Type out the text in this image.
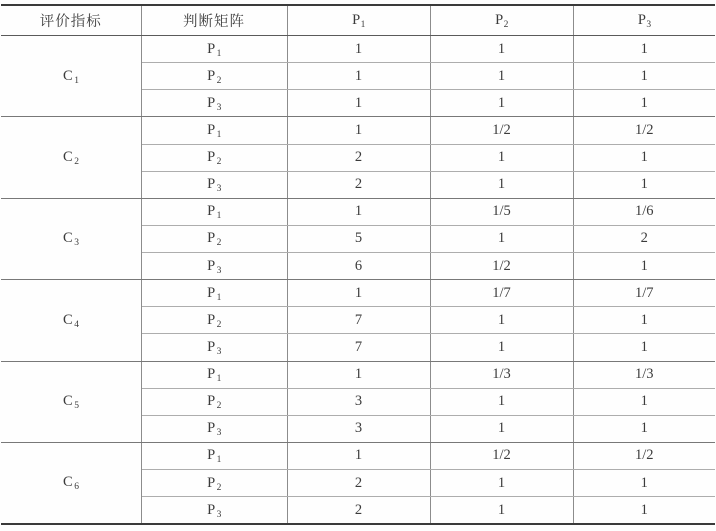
评价指标	判断矩阵	$P_1$	$P_2$	$P_3$
$C_1$	$P_1$	1	1	1
	$P_2$	1	1	1
	$P_3$	1	1	1
$C_2$	$P_1$	1	1/2	1/2
	$P_2$	2	1	1
	$P_3$	2	1	1
$C_3$	$P_1$	1	1/5	1/6
	$P_2$	5	1	2
	$P_3$	6	1/2	1
$C_4$	$P_1$	1	1/7	1/7
	$P_2$	7	1	1
	$P_3$	7	1	1
$C_5$	$P_1$	1	1/3	1/3
	$P_2$	3	1	1
	$P_3$	3	1	1
$C_6$	$P_1$	1	1/2	1/2
	$P_2$	2	1	1
	$P_3$	2	1	1
